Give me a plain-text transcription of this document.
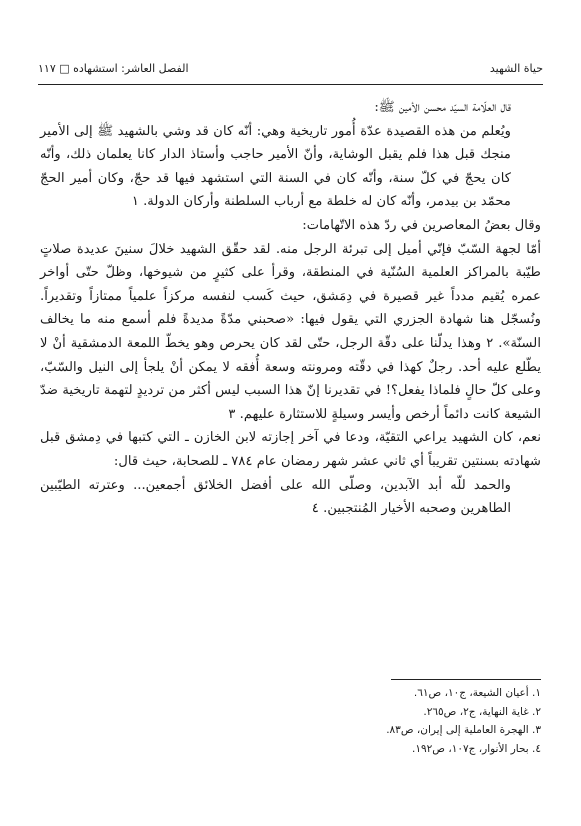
حياة الشهيد
الفصل العاشر: استشهاده □ ١١٧

قال العلّامة السيّد محسن الأمين ﷺ:

ويُعلم من هذه القصيدة عدّة أُمور تاريخية وهي: أنّه كان قد وشي بالشهيد ﷺ إلى الأمير منجك قبل هذا فلم يقبل الوشاية، وأنّ الأمير حاجب وأستاذ الدار كانا يعلمان ذلك، وأنّه كان يحجّ في كلّ سنة، وأنّه كان في السنة التي استشهد فيها قد حجّ، وكان أمير الحجّ محمّد بن بيدمر، وأنّه كان له خلطة مع أرباب السلطنة وأركان الدولة. ١

وقال بعضُ المعاصرين في ردّ هذه الاتّهامات:

أمّا لجهة السّبّ فإنّي أميل إلى تبرئة الرجل منه. لقد حقّق الشهيد خلالَ سنينَ عديدة صلاتٍ طيّبة بالمراكز العلمية السُنّية في المنطقة، وقرأ على كثيرٍ من شيوخها، وظلّ حتّى أواخر عمره يُقيم مدداً غير قصيرة في دِمَشق، حيث كَسب لنفسه مركزاً علمياً ممتازاً وتقديراً. ونُسجّل هنا شهادة الجزري التي يقول فيها: «صحبني مدّةً مديدةً فلم أسمع منه ما يخالف السنّة». ٢ وهذا يدلّنا على دقّة الرجل، حتّى لقد كان يحرص وهو يخطّ اللمعة الدمشقية أنْ لا يطّلع عليه أحد. رجلٌ كهذا في دقّته ومرونته وسعة أُفقه لا يمكن أنْ يلجأ إلى النيل والسّبّ، وعلى كلّ حالٍ فلماذا يفعل؟! في تقديرنا إنّ هذا السبب ليس أكثر من ترديدٍ لتهمة تاريخية ضدّ الشيعة كانت دائماً أرخص وأيسر وسيلةٍ للاستثارة عليهم. ٣

نعم، كان الشهيد يراعي التقيّة، ودعا في آخر إجازته لابن الخازن ـ التي كتبها في دِمشق قبل شهادته بسنتين تقريباً أي ثاني عشر شهر رمضان عام ٧٨٤ ـ للصحابة، حيث قال:

والحمد للّه أبد الآبدين، وصلّى الله على أفضل الخلائق أجمعين... وعترته الطيّبين الطاهرين وصحبه الأخيار المُنتجبين. ٤

١. أعيان الشيعة، ج١٠، ص٦١.
٢. غاية النهاية، ج٢، ص٢٦٥.
٣. الهجرة العاملية إلى إيران، ص٨٣.
٤. بحار الأنوار، ج١٠٧، ص١٩٢.
